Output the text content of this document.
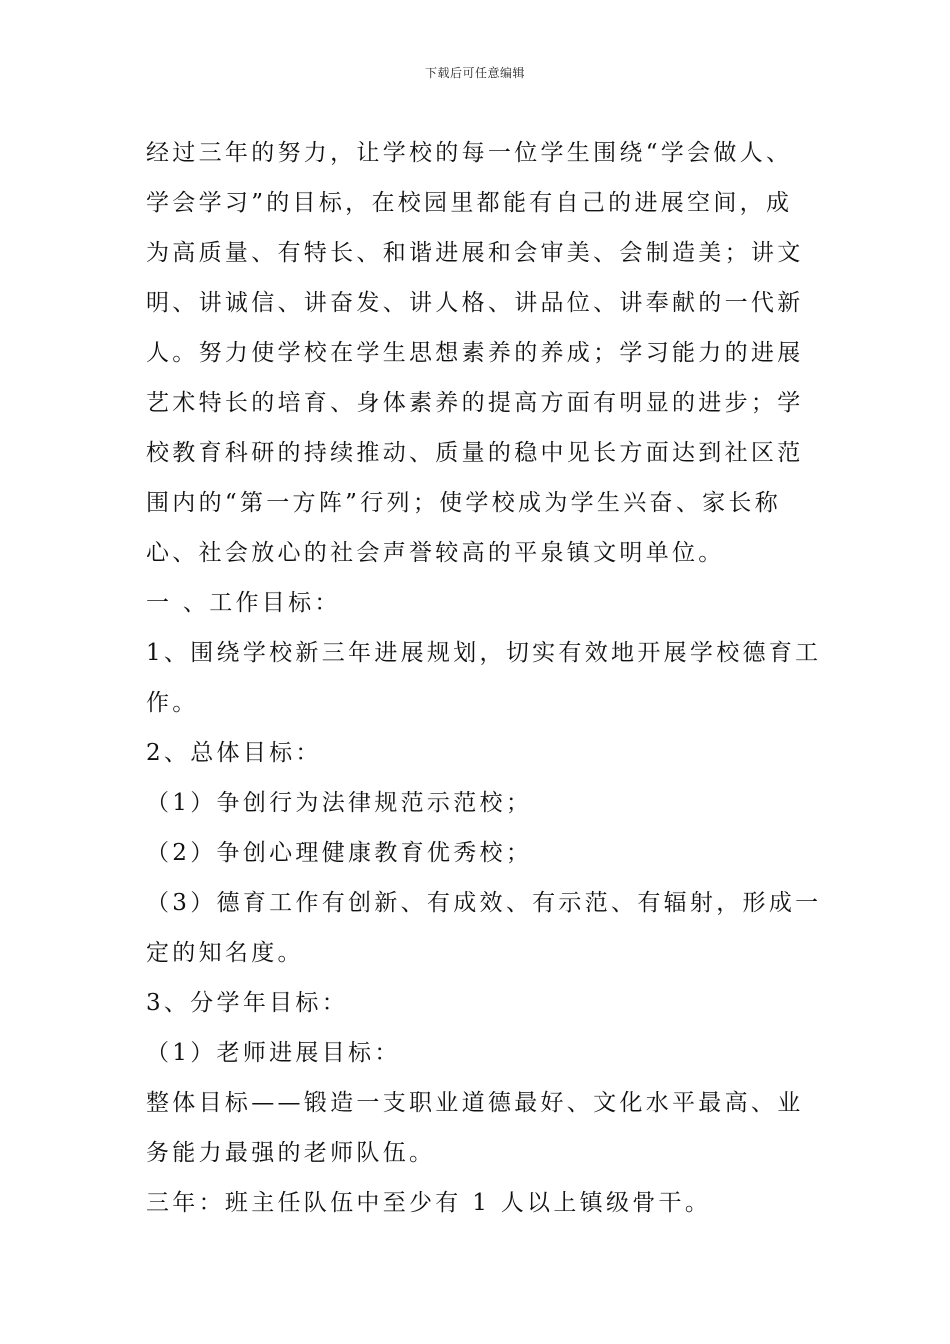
下载后可任意编辑
经过三年的努力，让学校的每一位学生围绕“学会做人、
学会学习”的目标，在校园里都能有自己的进展空间，成
为高质量、有特长、和谐进展和会审美、会制造美；讲文
明、讲诚信、讲奋发、讲人格、讲品位、讲奉献的一代新
人。努力使学校在学生思想素养的养成；学习能力的进展
艺术特长的培育、身体素养的提高方面有明显的进步；学
校教育科研的持续推动、质量的稳中见长方面达到社区范
围内的“第一方阵”行列；使学校成为学生兴奋、家长称
心、社会放心的社会声誉较高的平泉镇文明单位。
一 、工作目标：
1、围绕学校新三年进展规划，切实有效地开展学校德育工
作。
2、总体目标：
（1）争创行为法律规范示范校；
（2）争创心理健康教育优秀校；
（3）德育工作有创新、有成效、有示范、有辐射，形成一
定的知名度。
3、分学年目标：
（1）老师进展目标：
整体目标——锻造一支职业道德最好、文化水平最高、业
务能力最强的老师队伍。
三年：班主任队伍中至少有 1 人以上镇级骨干。
